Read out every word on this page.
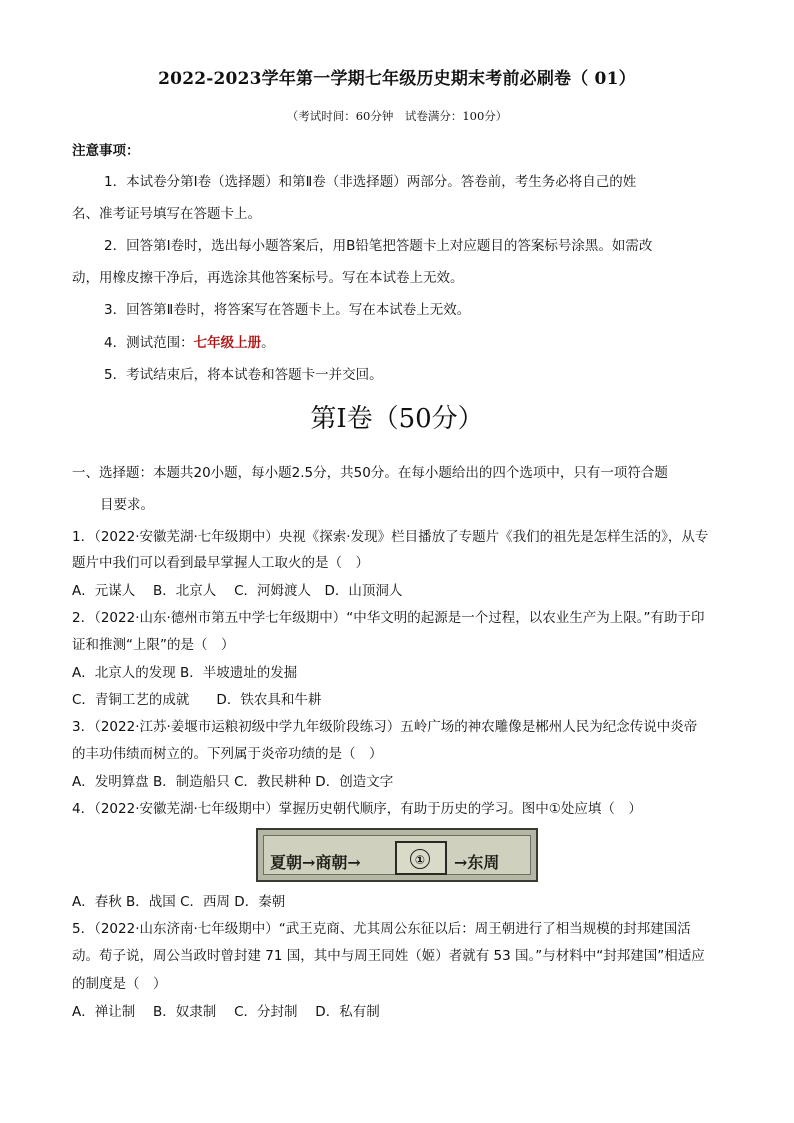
2022-2023学年第一学期七年级历史期末考前必刷卷（ 01）
（考试时间：60分钟　试卷满分：100分）
注意事项：
1．本试卷分第Ⅰ卷（选择题）和第Ⅱ卷（非选择题）两部分。答卷前，考生务必将自己的姓
名、准考证号填写在答题卡上。
2．回答第Ⅰ卷时，选出每小题答案后，用B铅笔把答题卡上对应题目的答案标号涂黑。如需改
动，用橡皮擦干净后，再选涂其他答案标号。写在本试卷上无效。
3．回答第Ⅱ卷时，将答案写在答题卡上。写在本试卷上无效。
4．测试范围：七年级上册。
5．考试结束后，将本试卷和答题卡一并交回。
第Ⅰ卷（50分）
一、选择题：本题共20小题，每小题2.5分，共50分。在每小题给出的四个选项中，只有一项符合题
目要求。
1．（2022·安徽芜湖·七年级期中）央视《探索·发现》栏目播放了专题片《我们的祖先是怎样生活的》，从专
题片中我们可以看到最早掌握人工取火的是（　）
A．元谋人　 B．北京人　 C．河姆渡人　D．山顶洞人
2．（2022·山东·德州市第五中学七年级期中）“中华文明的起源是一个过程，以农业生产为上限。”有助于印
证和推测“上限”的是（　）
A．北京人的发现 B．半坡遗址的发掘
C．青铜工艺的成就　　D．铁农具和牛耕
3．（2022·江苏·姜堰市运粮初级中学九年级阶段练习）五岭广场的神农雕像是郴州人民为纪念传说中炎帝
的丰功伟绩而树立的。下列属于炎帝功绩的是（　）
A．发明算盘 B．制造船只 C．教民耕种 D．创造文字
4．（2022·安徽芜湖·七年级期中）掌握历史朝代顺序，有助于历史的学习。图中①处应填（　）
夏朝→商朝→	①	→东周
A．春秋 B．战国 C．西周 D．秦朝
5．（2022·山东济南·七年级期中）“武王克商、尤其周公东征以后：周王朝进行了相当规模的封邦建国活
动。荀子说，周公当政时曾封建 71 国，其中与周王同姓（姬）者就有 53 国。”与材料中“封邦建国”相适应
的制度是（　）
A．禅让制　 B．奴隶制　 C．分封制　 D．私有制
